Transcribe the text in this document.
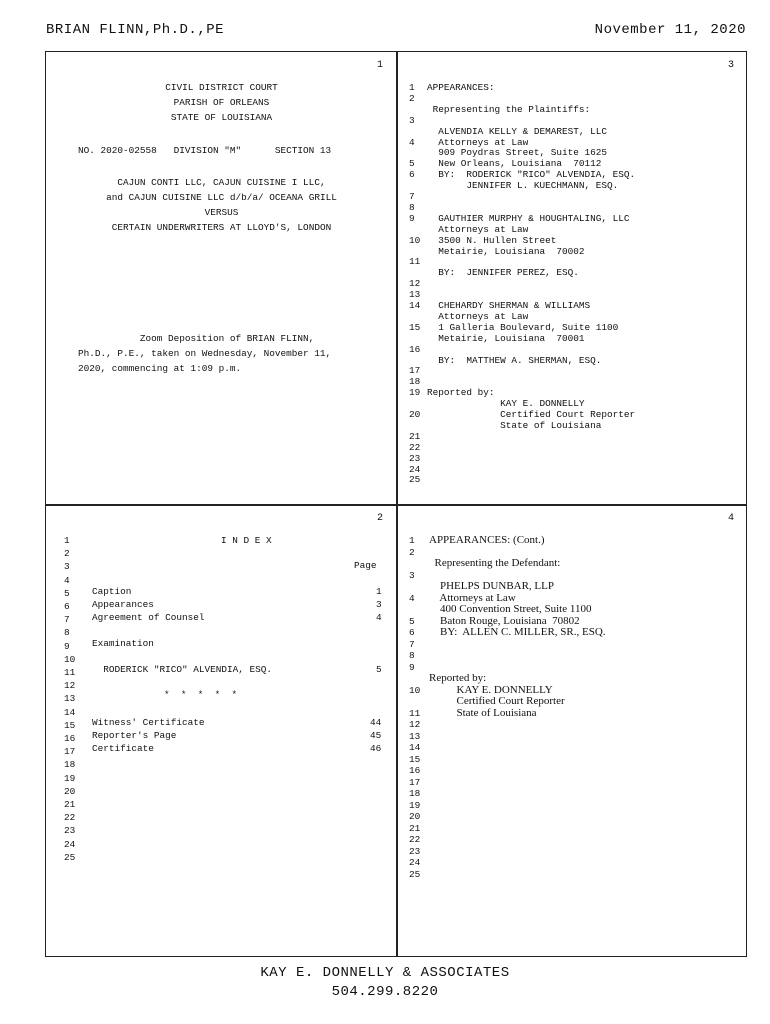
BRIAN FLINN,Ph.D.,PE	November 11, 2020
1
CIVIL DISTRICT COURT
PARISH OF ORLEANS
STATE OF LOUISIANA
NO. 2020-02558   DIVISION "M"      SECTION 13
CAJUN CONTI LLC, CAJUN CUISINE I LLC,
and CAJUN CUISINE LLC d/b/a/ OCEANA GRILL
VERSUS
CERTAIN UNDERWRITERS AT LLOYD'S, LONDON
Zoom Deposition of BRIAN FLINN,
Ph.D., P.E., taken on Wednesday, November 11,
2020, commencing at 1:09 p.m.
3
1 APPEARANCES:
2
Representing the Plaintiffs:
3
ALVENDIA KELLY & DEMAREST, LLC
4 Attorneys at Law
909 Poydras Street, Suite 1625
5 New Orleans, Louisiana  70112
6 BY:  RODERICK "RICO" ALVENDIA, ESQ.
JENNIFER L. KUECHMANN, ESQ.
7
8
9 GAUTHIER MURPHY & HOUGHTALING, LLC
Attorneys at Law
10 3500 N. Hullen Street
Metairie, Louisiana  70002
11
BY:  JENNIFER PEREZ, ESQ.
12
13
14 CHEHARDY SHERMAN & WILLIAMS
Attorneys at Law
15 1 Galleria Boulevard, Suite 1100
Metairie, Louisiana  70001
16
BY:  MATTHEW A. SHERMAN, ESQ.
17
18
19 Reported by:
KAY E. DONNELLY
20 Certified Court Reporter
State of Louisiana
21
22
23
24
25
2
1
2
3
4
5
6
7
8
9
10
11
12
13
14
15
16
17
18
19
20
21
22
23
24
25
I N D E X
Page
Caption	1
Appearances	3
Agreement of Counsel	4
Examination
RODERICK "RICO" ALVENDIA, ESQ.	5
*  *  *  *  *
Witness' Certificate	44
Reporter's Page	45
Certificate	46
4
1 APPEARANCES: (Cont.)
2
Representing the Defendant:
3
PHELPS DUNBAR, LLP
4 Attorneys at Law
400 Convention Street, Suite 1100
5 Baton Rouge, Louisiana  70802
6 BY:  ALLEN C. MILLER, SR., ESQ.
7
8
9
Reported by:
10 KAY E. DONNELLY
Certified Court Reporter
11 State of Louisiana
12
13
14
15
16
17
18
19
20
21
22
23
24
25
KAY E. DONNELLY & ASSOCIATES
504.299.8220
